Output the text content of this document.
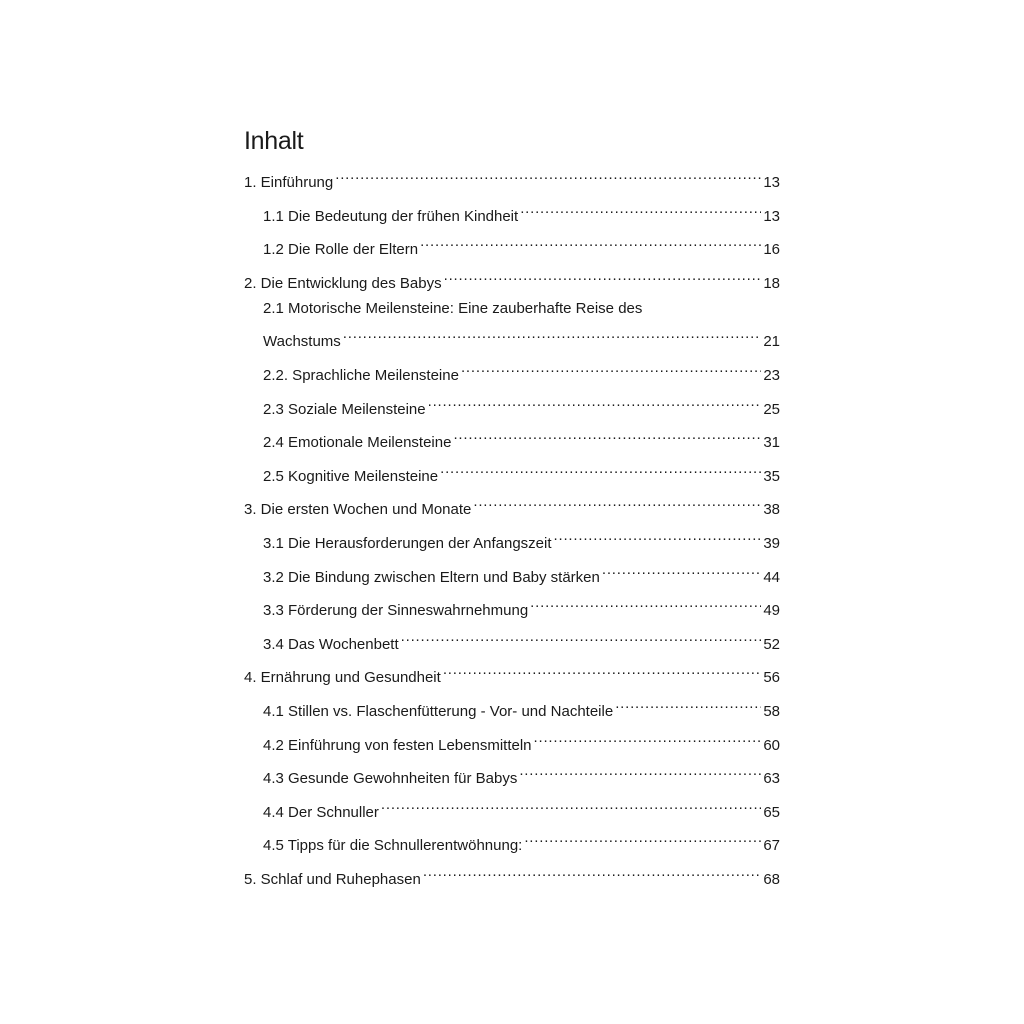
Inhalt
1. Einführung .....	13
1.1 Die Bedeutung der frühen Kindheit .....	13
1.2 Die Rolle der Eltern .....	16
2. Die Entwicklung des Babys .....	18
2.1 Motorische Meilensteine: Eine zauberhafte Reise des
Wachstums .....	21
2.2. Sprachliche Meilensteine .....	23
2.3 Soziale Meilensteine .....	25
2.4 Emotionale Meilensteine .....	31
2.5 Kognitive Meilensteine .....	35
3. Die ersten Wochen und Monate .....	38
3.1 Die Herausforderungen der Anfangszeit .....	39
3.2 Die Bindung zwischen Eltern und Baby stärken .....	44
3.3 Förderung der Sinneswahrnehmung .....	49
3.4 Das Wochenbett .....	52
4. Ernährung und Gesundheit .....	56
4.1 Stillen vs. Flaschenfütterung - Vor- und Nachteile .....	58
4.2 Einführung von festen Lebensmitteln .....	60
4.3 Gesunde Gewohnheiten für Babys .....	63
4.4 Der Schnuller .....	65
4.5 Tipps für die Schnullerentwöhnung: .....	67
5. Schlaf und Ruhephasen .....	68
